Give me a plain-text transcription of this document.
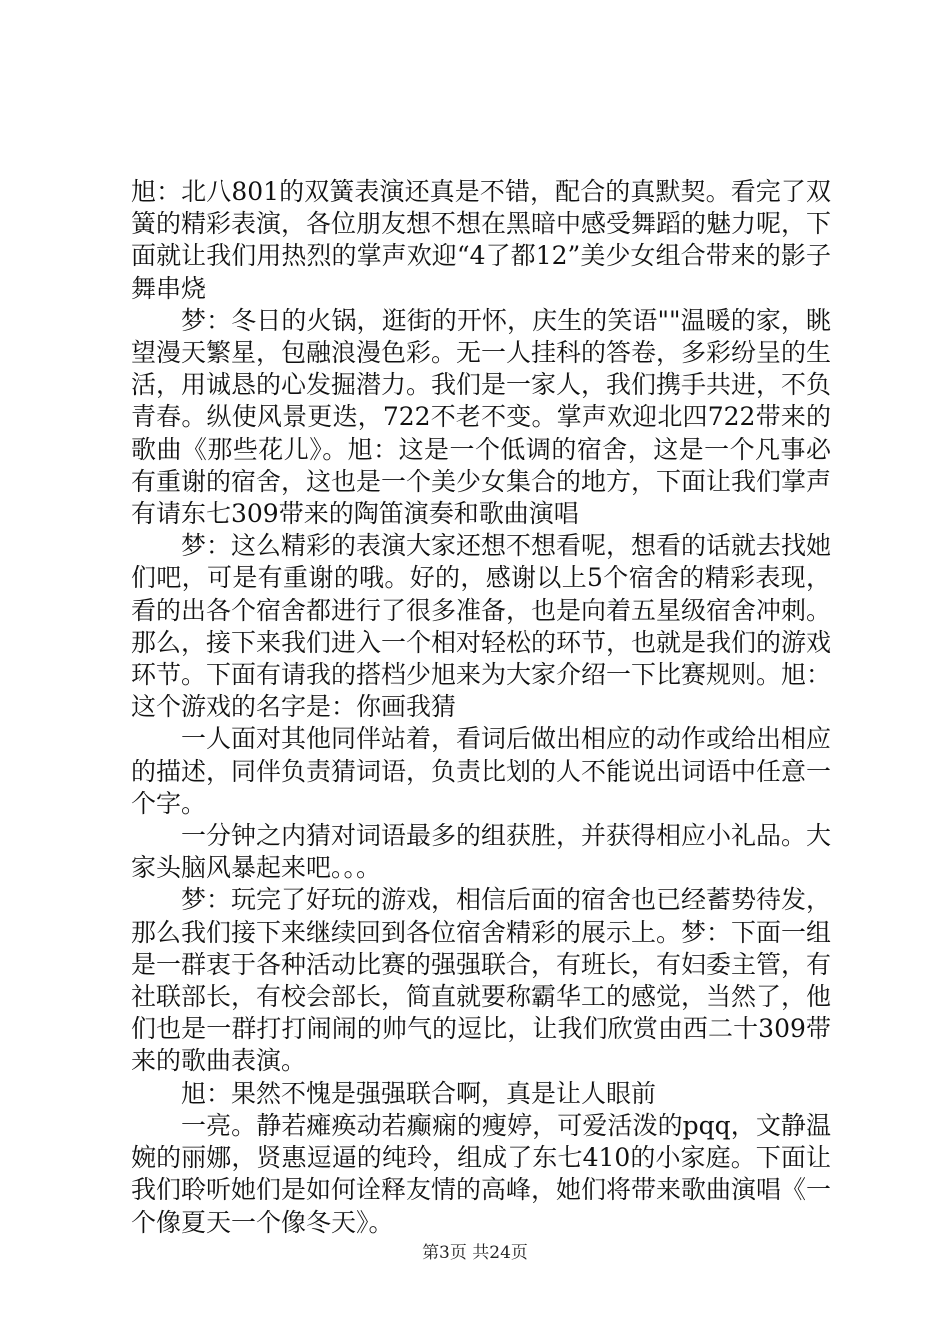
旭：北八801的双簧表演还真是不错，配合的真默契。看完了双簧的精彩表演，各位朋友想不想在黑暗中感受舞蹈的魅力呢，下面就让我们用热烈的掌声欢迎“4了都12”美少女组合带来的影子舞串烧

梦：冬日的火锅，逛街的开怀，庆生的笑语""温暖的家，眺望漫天繁星，包融浪漫色彩。无一人挂科的答卷，多彩纷呈的生活，用诚恳的心发掘潜力。我们是一家人，我们携手共进，不负青春。纵使风景更迭，722不老不变。掌声欢迎北四722带来的歌曲《那些花儿》。旭：这是一个低调的宿舍，这是一个凡事必有重谢的宿舍，这也是一个美少女集合的地方，下面让我们掌声有请东七309带来的陶笛演奏和歌曲演唱

梦：这么精彩的表演大家还想不想看呢，想看的话就去找她们吧，可是有重谢的哦。好的，感谢以上5个宿舍的精彩表现，看的出各个宿舍都进行了很多准备，也是向着五星级宿舍冲刺。那么，接下来我们进入一个相对轻松的环节，也就是我们的游戏环节。下面有请我的搭档少旭来为大家介绍一下比赛规则。旭：这个游戏的名字是：你画我猜

一人面对其他同伴站着，看词后做出相应的动作或给出相应的描述，同伴负责猜词语，负责比划的人不能说出词语中任意一个字。

一分钟之内猜对词语最多的组获胜，并获得相应小礼品。大家头脑风暴起来吧。。。

梦：玩完了好玩的游戏，相信后面的宿舍也已经蓄势待发，那么我们接下来继续回到各位宿舍精彩的展示上。梦：下面一组是一群衷于各种活动比赛的强强联合，有班长，有妇委主管，有社联部长，有校会部长，简直就要称霸华工的感觉，当然了，他们也是一群打打闹闹的帅气的逗比，让我们欣赏由西二十309带来的歌曲表演。

旭：果然不愧是强强联合啊，真是让人眼前

一亮。静若瘫痪动若癫痫的瘦婷，可爱活泼的pqq，文静温婉的丽娜，贤惠逗逼的纯玲，组成了东七410的小家庭。下面让我们聆听她们是如何诠释友情的高峰，她们将带来歌曲演唱《一个像夏天一个像冬天》。

第3页 共24页
